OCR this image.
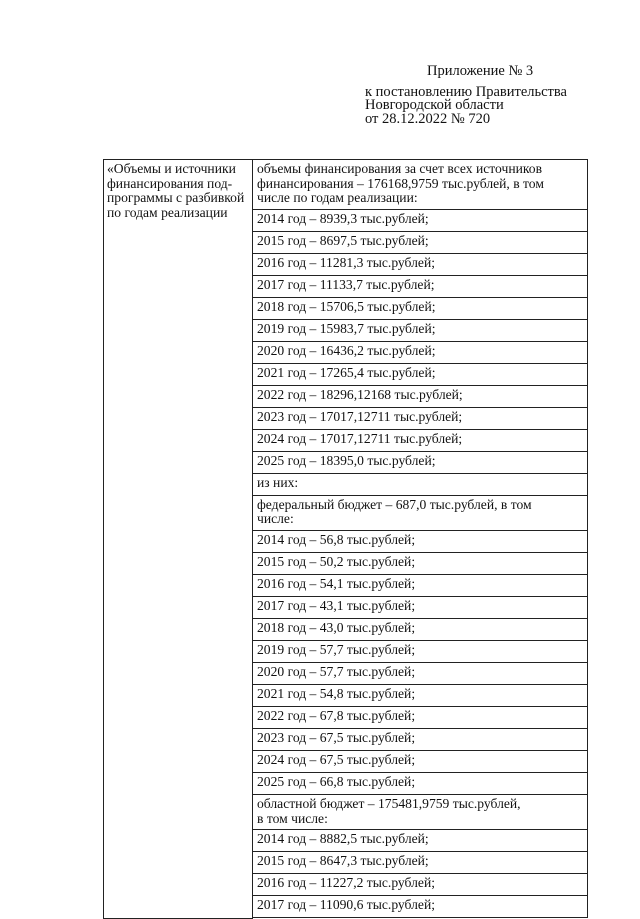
Приложение № 3
к постановлению Правительства
Новгородской области
от 28.12.2022 № 720
«Объемы и источники
финансирования под-
программы с разбивкой
по годам реализации

объемы финансирования за счет всех источников
финансирования – 176168,9759 тыс.рублей, в том
числе по годам реализации:
2014 год – 8939,3 тыс.рублей;
2015 год – 8697,5 тыс.рублей;
2016 год – 11281,3 тыс.рублей;
2017 год – 11133,7 тыс.рублей;
2018 год – 15706,5 тыс.рублей;
2019 год – 15983,7 тыс.рублей;
2020 год – 16436,2 тыс.рублей;
2021 год – 17265,4 тыс.рублей;
2022 год – 18296,12168 тыс.рублей;
2023 год – 17017,12711 тыс.рублей;
2024 год – 17017,12711 тыс.рублей;
2025 год – 18395,0 тыс.рублей;
из них:
федеральный бюджет – 687,0 тыс.рублей, в том
числе:
2014 год – 56,8 тыс.рублей;
2015 год – 50,2 тыс.рублей;
2016 год – 54,1 тыс.рублей;
2017 год – 43,1 тыс.рублей;
2018 год – 43,0 тыс.рублей;
2019 год – 57,7 тыс.рублей;
2020 год – 57,7 тыс.рублей;
2021 год – 54,8 тыс.рублей;
2022 год – 67,8 тыс.рублей;
2023 год – 67,5 тыс.рублей;
2024 год – 67,5 тыс.рублей;
2025 год – 66,8 тыс.рублей;
областной бюджет – 175481,9759 тыс.рублей,
в том числе:
2014 год – 8882,5 тыс.рублей;
2015 год – 8647,3 тыс.рублей;
2016 год – 11227,2 тыс.рублей;
2017 год – 11090,6 тыс.рублей;
